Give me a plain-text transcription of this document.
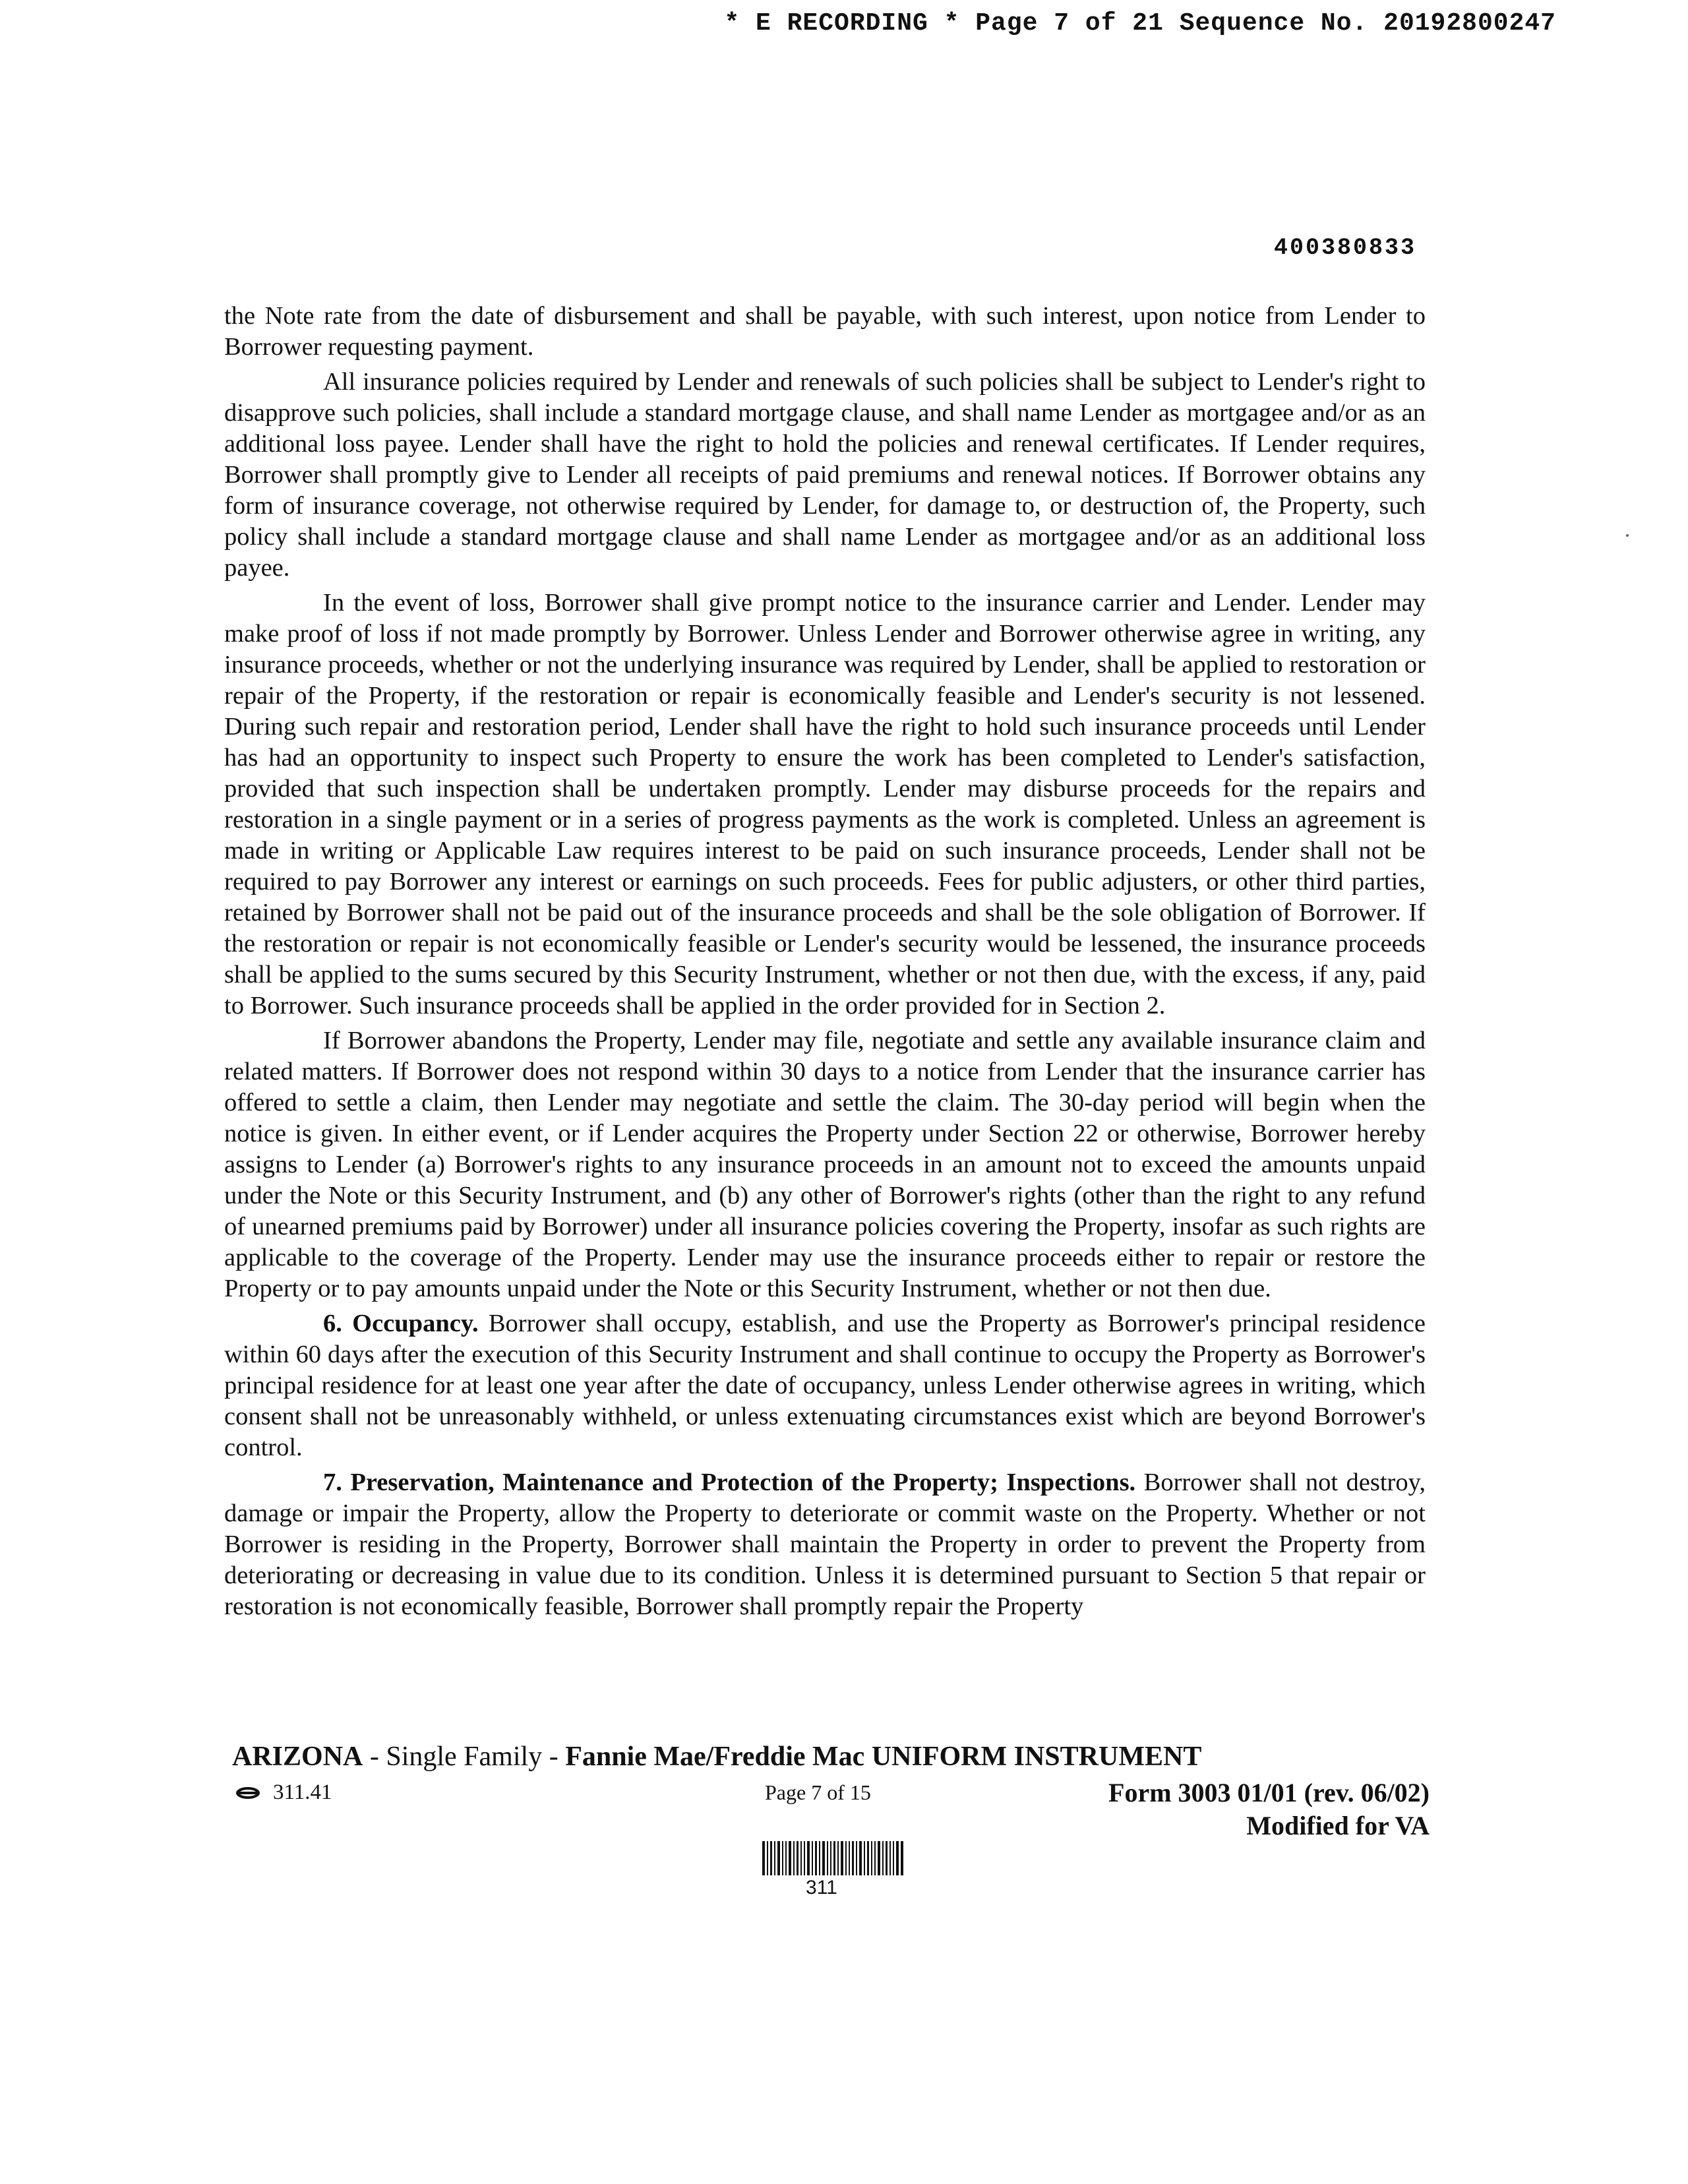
* E RECORDING * Page 7 of 21 Sequence No. 20192800247
400380833

the Note rate from the date of disbursement and shall be payable, with such interest, upon notice from Lender to Borrower requesting payment.

All insurance policies required by Lender and renewals of such policies shall be subject to Lender's right to disapprove such policies, shall include a standard mortgage clause, and shall name Lender as mortgagee and/or as an additional loss payee. Lender shall have the right to hold the policies and renewal certificates. If Lender requires, Borrower shall promptly give to Lender all receipts of paid premiums and renewal notices. If Borrower obtains any form of insurance coverage, not otherwise required by Lender, for damage to, or destruction of, the Property, such policy shall include a standard mortgage clause and shall name Lender as mortgagee and/or as an additional loss payee.

In the event of loss, Borrower shall give prompt notice to the insurance carrier and Lender. Lender may make proof of loss if not made promptly by Borrower. Unless Lender and Borrower otherwise agree in writing, any insurance proceeds, whether or not the underlying insurance was required by Lender, shall be applied to restoration or repair of the Property, if the restoration or repair is economically feasible and Lender's security is not lessened. During such repair and restoration period, Lender shall have the right to hold such insurance proceeds until Lender has had an opportunity to inspect such Property to ensure the work has been completed to Lender's satisfaction, provided that such inspection shall be undertaken promptly. Lender may disburse proceeds for the repairs and restoration in a single payment or in a series of progress payments as the work is completed. Unless an agreement is made in writing or Applicable Law requires interest to be paid on such insurance proceeds, Lender shall not be required to pay Borrower any interest or earnings on such proceeds. Fees for public adjusters, or other third parties, retained by Borrower shall not be paid out of the insurance proceeds and shall be the sole obligation of Borrower. If the restoration or repair is not economically feasible or Lender's security would be lessened, the insurance proceeds shall be applied to the sums secured by this Security Instrument, whether or not then due, with the excess, if any, paid to Borrower. Such insurance proceeds shall be applied in the order provided for in Section 2.

If Borrower abandons the Property, Lender may file, negotiate and settle any available insurance claim and related matters. If Borrower does not respond within 30 days to a notice from Lender that the insurance carrier has offered to settle a claim, then Lender may negotiate and settle the claim. The 30-day period will begin when the notice is given. In either event, or if Lender acquires the Property under Section 22 or otherwise, Borrower hereby assigns to Lender (a) Borrower's rights to any insurance proceeds in an amount not to exceed the amounts unpaid under the Note or this Security Instrument, and (b) any other of Borrower's rights (other than the right to any refund of unearned premiums paid by Borrower) under all insurance policies covering the Property, insofar as such rights are applicable to the coverage of the Property. Lender may use the insurance proceeds either to repair or restore the Property or to pay amounts unpaid under the Note or this Security Instrument, whether or not then due.

6. Occupancy. Borrower shall occupy, establish, and use the Property as Borrower's principal residence within 60 days after the execution of this Security Instrument and shall continue to occupy the Property as Borrower's principal residence for at least one year after the date of occupancy, unless Lender otherwise agrees in writing, which consent shall not be unreasonably withheld, or unless extenuating circumstances exist which are beyond Borrower's control.

7. Preservation, Maintenance and Protection of the Property; Inspections. Borrower shall not destroy, damage or impair the Property, allow the Property to deteriorate or commit waste on the Property. Whether or not Borrower is residing in the Property, Borrower shall maintain the Property in order to prevent the Property from deteriorating or decreasing in value due to its condition. Unless it is determined pursuant to Section 5 that repair or restoration is not economically feasible, Borrower shall promptly repair the Property

ARIZONA - Single Family - Fannie Mae/Freddie Mac UNIFORM INSTRUMENT
311.41	Page 7 of 15	Form 3003 01/01 (rev. 06/02)
Modified for VA
311
